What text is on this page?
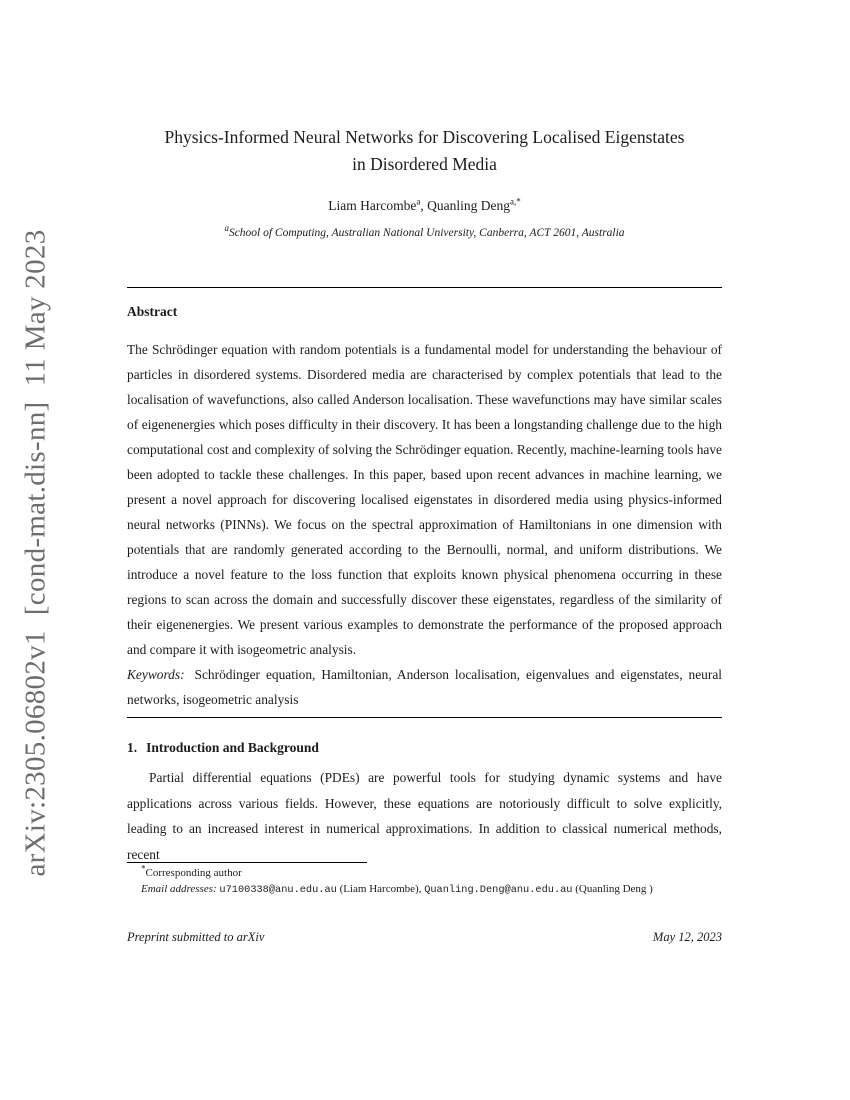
arXiv:2305.06802v1  [cond-mat.dis-nn]  11 May 2023
Physics-Informed Neural Networks for Discovering Localised Eigenstates
in Disordered Media
Liam Harcombe$^a$, Quanling Deng$^{a,*}$
$^a$School of Computing, Australian National University, Canberra, ACT 2601, Australia
Abstract

The Schrödinger equation with random potentials is a fundamental model for understanding the behaviour of particles in disordered systems. Disordered media are characterised by complex potentials that lead to the localisation of wavefunctions, also called Anderson localisation. These wavefunctions may have similar scales of eigenenergies which poses difficulty in their discovery. It has been a longstanding challenge due to the high computational cost and complexity of solving the Schrödinger equation. Recently, machine-learning tools have been adopted to tackle these challenges. In this paper, based upon recent advances in machine learning, we present a novel approach for discovering localised eigenstates in disordered media using physics-informed neural networks (PINNs). We focus on the spectral approximation of Hamiltonians in one dimension with potentials that are randomly generated according to the Bernoulli, normal, and uniform distributions. We introduce a novel feature to the loss function that exploits known physical phenomena occurring in these regions to scan across the domain and successfully discover these eigenstates, regardless of the similarity of their eigenenergies. We present various examples to demonstrate the performance of the proposed approach and compare it with isogeometric analysis.

Keywords: Schrödinger equation, Hamiltonian, Anderson localisation, eigenvalues and eigenstates, neural networks, isogeometric analysis

1. Introduction and Background

Partial differential equations (PDEs) are powerful tools for studying dynamic systems and have applications across various fields. However, these equations are notoriously difficult to solve explicitly, leading to an increased interest in numerical approximations. In addition to classical numerical methods, recent

*Corresponding author
Email addresses: u7100338@anu.edu.au (Liam Harcombe), Quanling.Deng@anu.edu.au (Quanling Deng )
Preprint submitted to arXiv	May 12, 2023
